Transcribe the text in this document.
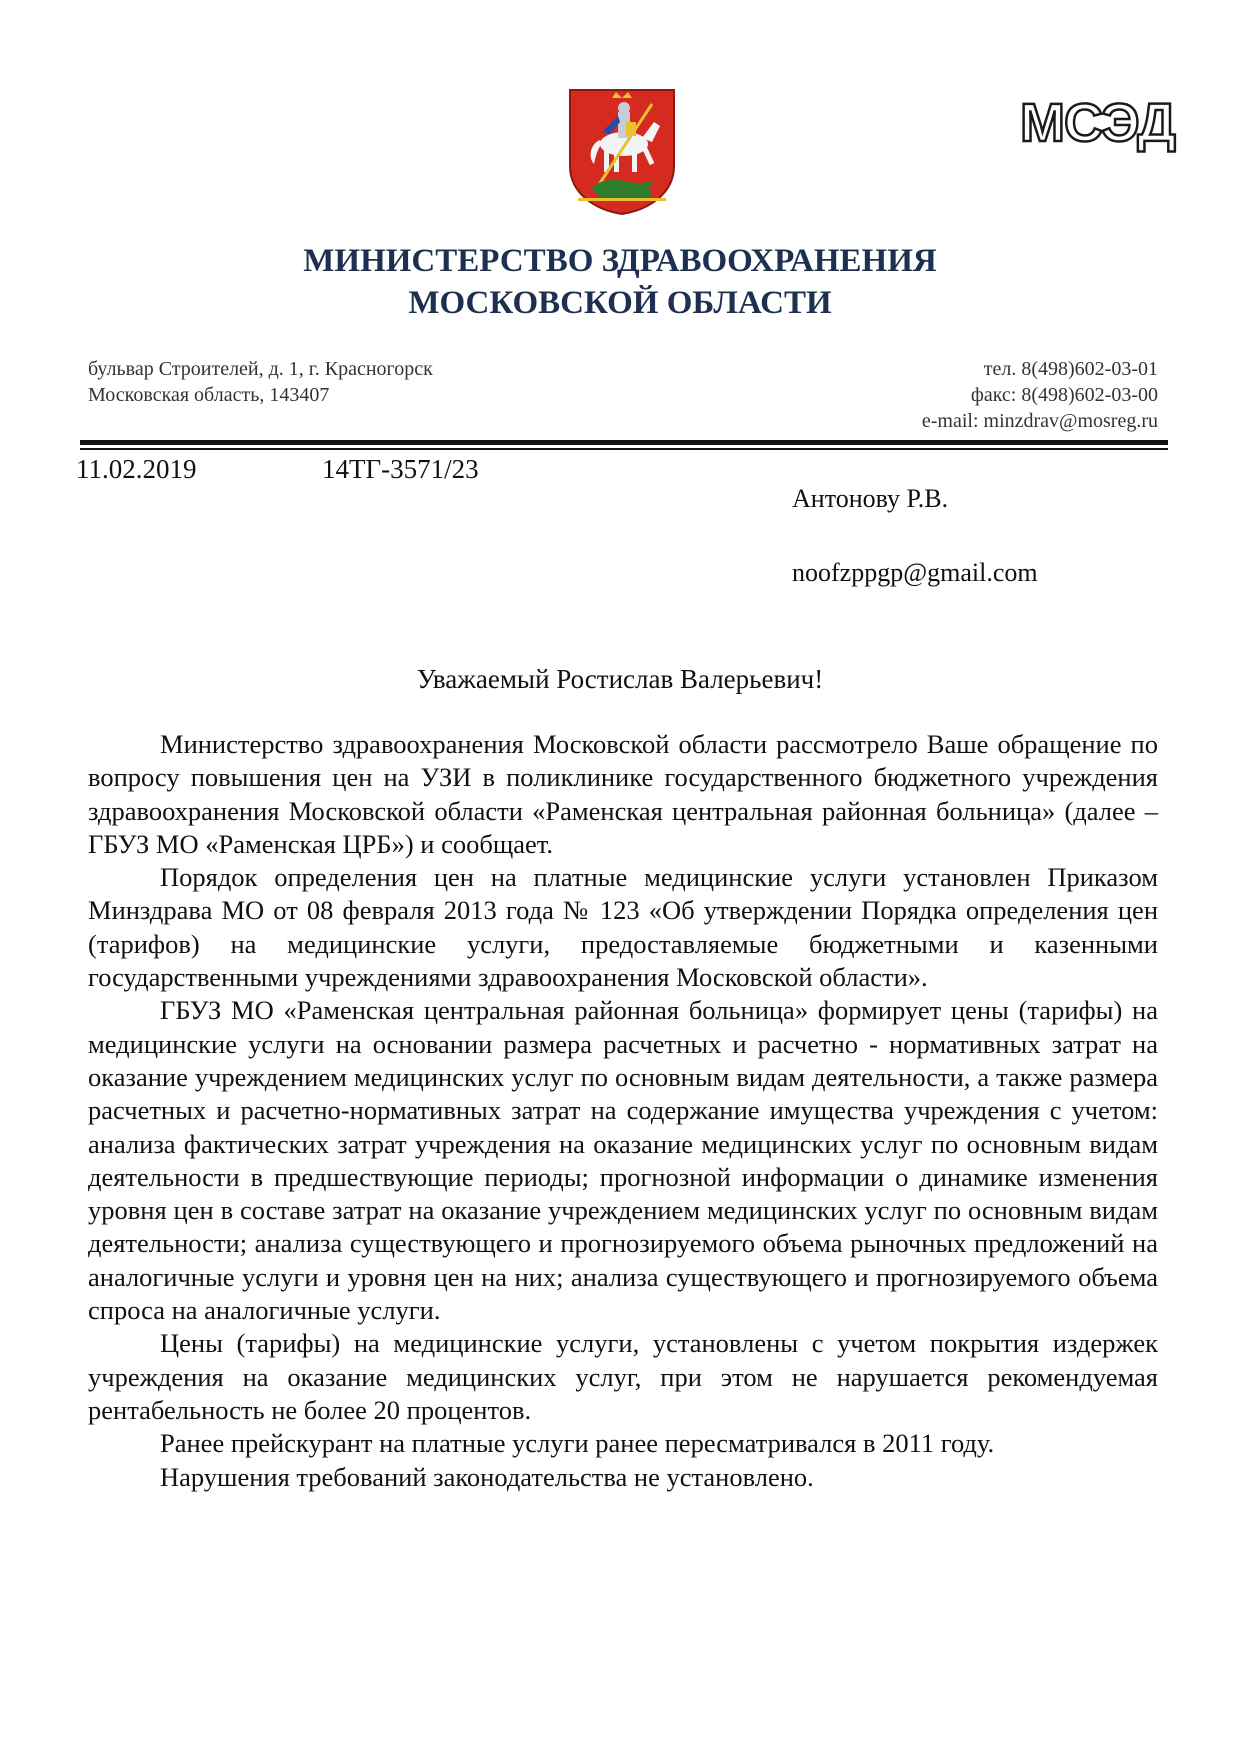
МСЭД
МИНИСТЕРСТВО ЗДРАВООХРАНЕНИЯ
МОСКОВСКОЙ ОБЛАСТИ
бульвар Строителей, д. 1, г. Красногорск
Московская область, 143407
тел. 8(498)602-03-01
факс: 8(498)602-03-00
e-mail: minzdrav@mosreg.ru
11.02.2019	14ТГ-3571/23
Антонову Р.В.
noofzppgp@gmail.com
Уважаемый Ростислав Валерьевич!

Министерство здравоохранения Московской области рассмотрело Ваше обращение по вопросу повышения цен на УЗИ в поликлинике государственного бюджетного учреждения здравоохранения Московской области «Раменская центральная районная больница» (далее – ГБУЗ МО «Раменская ЦРБ») и сообщает.

Порядок определения цен на платные медицинские услуги установлен Приказом Минздрава МО от 08 февраля 2013 года № 123 «Об утверждении Порядка определения цен (тарифов) на медицинские услуги, предоставляемые бюджетными и казенными государственными учреждениями здравоохранения Московской области».

ГБУЗ МО «Раменская центральная районная больница» формирует цены (тарифы) на медицинские услуги на основании размера расчетных и расчетно - нормативных затрат на оказание учреждением медицинских услуг по основным видам деятельности, а также размера расчетных и расчетно-нормативных затрат на содержание имущества учреждения с учетом: анализа фактических затрат учреждения на оказание медицинских услуг по основным видам деятельности в предшествующие периоды; прогнозной информации о динамике изменения уровня цен в составе затрат на оказание учреждением медицинских услуг по основным видам деятельности; анализа существующего и прогнозируемого объема рыночных предложений на аналогичные услуги и уровня цен на них; анализа существующего и прогнозируемого объема спроса на аналогичные услуги.

Цены (тарифы) на медицинские услуги, установлены с учетом покрытия издержек учреждения на оказание медицинских услуг, при этом не нарушается рекомендуемая рентабельность не более 20 процентов.

Ранее прейскурант на платные услуги ранее пересматривался в 2011 году.

Нарушения требований законодательства не установлено.
